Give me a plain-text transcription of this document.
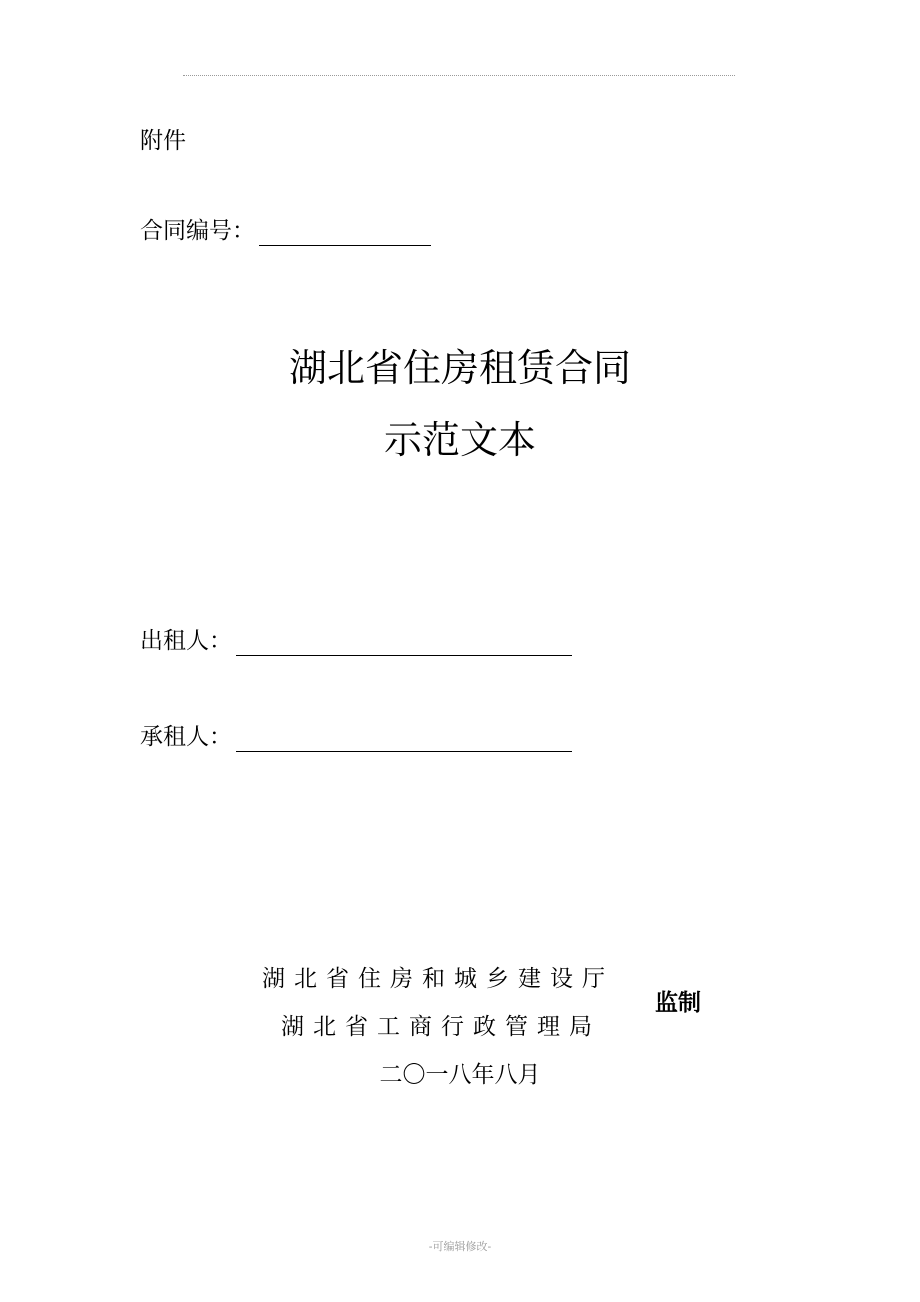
附件
合同编号：
湖北省住房租赁合同
示范文本
出租人：
承租人：
湖北省住房和城乡建设厅
湖北省工商行政管理局
监制
二〇一八年八月
-可编辑修改-
